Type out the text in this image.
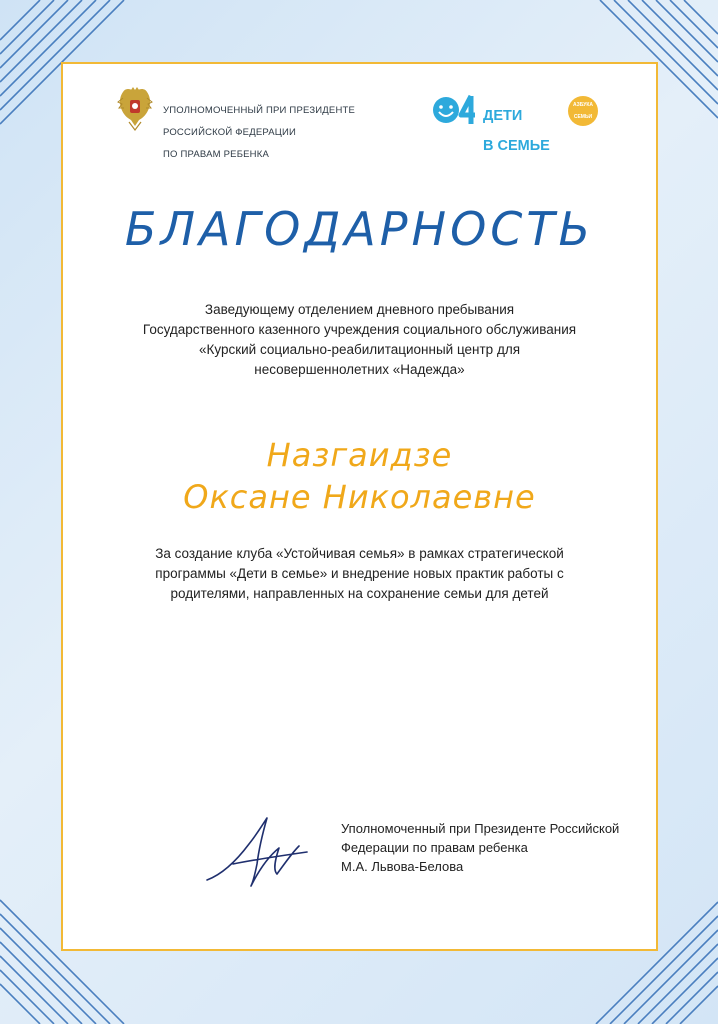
УПОЛНОМОЧЕННЫЙ ПРИ ПРЕЗИДЕНТЕ

РОССИЙСКОЙ ФЕДЕРАЦИИ

ПО ПРАВАМ РЕБЕНКА

ДЕТИ

В СЕМЬЕ

АЗБУКА

СЕМЬИ

БЛАГОДАРНОСТЬ
Заведующему отделением дневного пребывания
Государственного казенного учреждения социального обслуживания
«Курский социально-реабилитационный центр для
несовершеннолетних «Надежда»
Назгаидзе
Оксане Николаевне
За создание клуба «Устойчивая семья» в рамках стратегической
программы «Дети в семье» и внедрение новых практик работы с
родителями, направленных на сохранение семьи для детей
Уполномоченный при Президенте Российской
Федерации по правам ребенка
М.А. Львова-Белова
